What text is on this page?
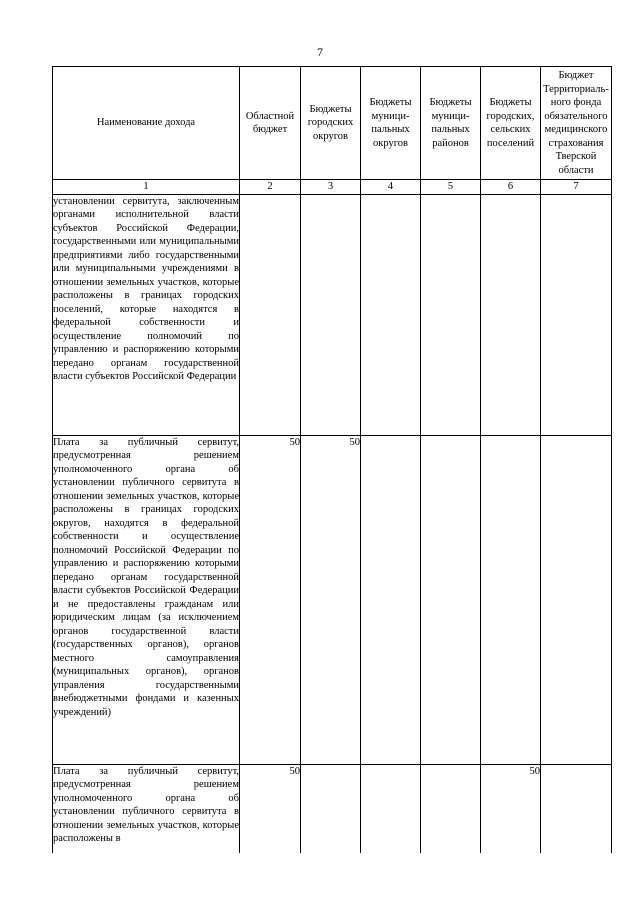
7
Наименование дохода	Областной бюджет	Бюджеты городских округов	Бюджеты муници-пальных округов	Бюджеты муници-пальных районов	Бюджеты городских, сельских поселений	Бюджет Территориаль-ного фонда обязательного медицинского страхования Тверской области
1	2	3	4	5	6	7
установлении сервитута, заключенным органами исполнительной власти субъектов Российской Федерации, государственными или муниципальными предприятиями либо государственными или муниципальными учреждениями в отношении земельных участков, которые расположены в границах городских поселений, которые находятся в федеральной собственности и осуществление полномочий по управлению и распоряжению которыми передано органам государственной власти субъектов Российской Федерации						
Плата за публичный сервитут, предусмотренная решением уполномоченного органа об установлении публичного сервитута в отношении земельных участков, которые расположены в границах городских округов, находятся в федеральной собственности и осуществление полномочий Российской Федерации по управлению и распоряжению которыми передано органам государственной власти субъектов Российской Федерации и не предоставлены гражданам или юридическим лицам (за исключением органов государственной власти (государственных органов), органов местного самоуправления (муниципальных органов), органов управления государственными внебюджетными фондами и казенных учреждений)	50	50				
Плата за публичный сервитут, предусмотренная решением уполномоченного органа об установлении публичного сервитута в отношении земельных участков, которые расположены в	50				50	
